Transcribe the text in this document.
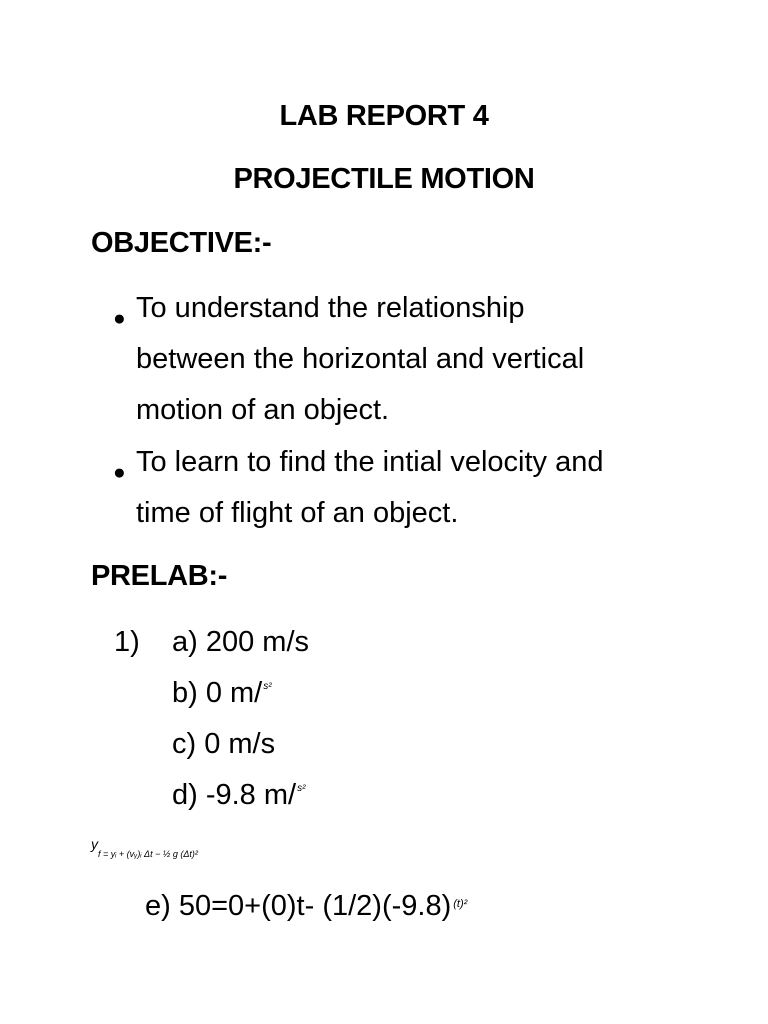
LAB REPORT 4
PROJECTILE MOTION
OBJECTIVE:-
● To understand the relationship
between the horizontal and vertical
motion of an object.
● To learn to find the intial velocity and
time of flight of an object.
PRELAB:-
1) a) 200 m/s
b) 0 m/$^{s^2}$
c) 0 m/s
d) -9.8 m/$^{s^2}$
yf = yᵢ + (vᵧ)ᵢ Δt − ½ g (Δt)²
e) 50=0+(0)t- (1/2)(-9.8) $^{(t)^2}$
